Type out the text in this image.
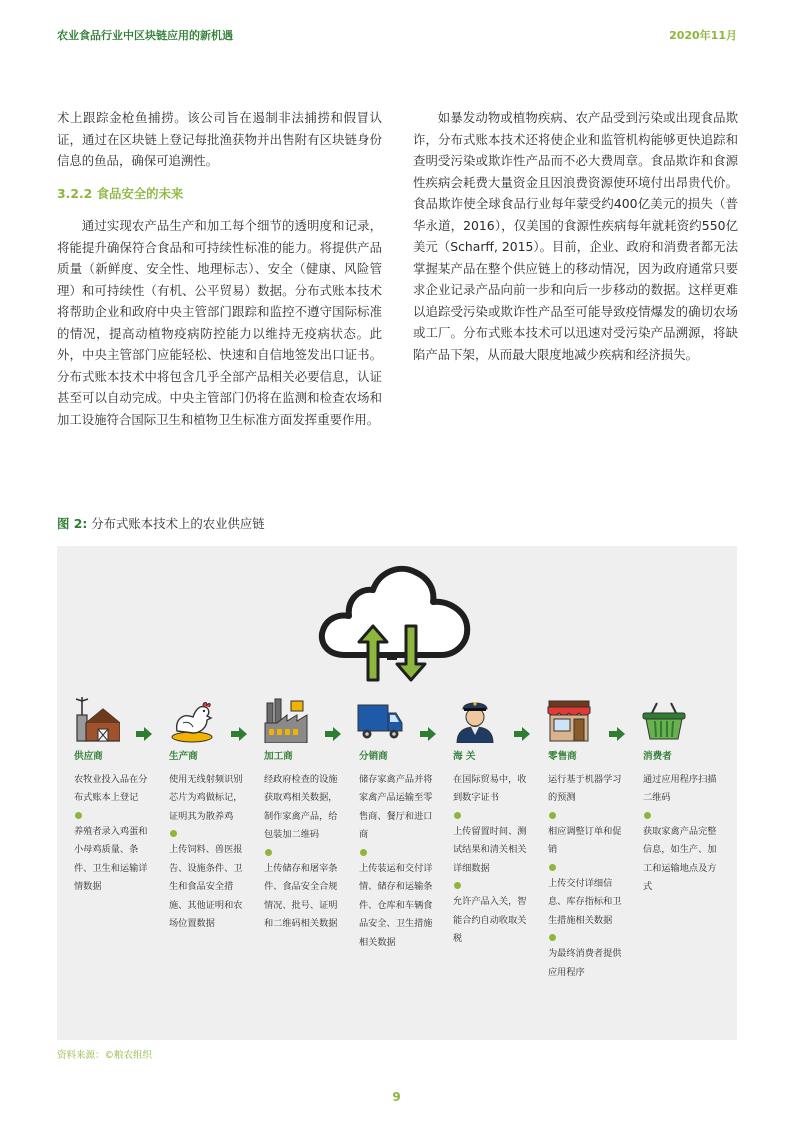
农业食品行业中区块链应用的新机遇	2020年11月

术上跟踪金枪鱼捕捞。该公司旨在遏制非法捕捞和假冒认证，通过在区块链上登记每批渔获物并出售附有区块链身份信息的鱼品，确保可追溯性。

3.2.2 食品安全的未来

通过实现农产品生产和加工每个细节的透明度和记录，将能提升确保符合食品和可持续性标准的能力。将提供产品质量（新鲜度、安全性、地理标志）、安全（健康、风险管理）和可持续性（有机、公平贸易）数据。分布式账本技术将帮助企业和政府中央主管部门跟踪和监控不遵守国际标准的情况，提高动植物疫病防控能力以维持无疫病状态。此外，中央主管部门应能轻松、快速和自信地签发出口证书。分布式账本技术中将包含几乎全部产品相关必要信息，认证甚至可以自动完成。中央主管部门仍将在监测和检查农场和加工设施符合国际卫生和植物卫生标准方面发挥重要作用。

如暴发动物或植物疾病、农产品受到污染或出现食品欺诈，分布式账本技术还将使企业和监管机构能够更快追踪和查明受污染或欺诈性产品而不必大费周章。食品欺诈和食源性疾病会耗费大量资金且因浪费资源使环境付出昂贵代价。食品欺诈使全球食品行业每年蒙受约400亿美元的损失（普华永道，2016），仅美国的食源性疾病每年就耗资约550亿美元（Scharff, 2015）。目前，企业、政府和消费者都无法掌握某产品在整个供应链上的移动情况，因为政府通常只要求企业记录产品向前一步和向后一步移动的数据。这样更难以追踪受污染或欺诈性产品至可能导致疫情爆发的确切农场或工厂。分布式账本技术可以迅速对受污染产品溯源，将缺陷产品下架，从而最大限度地减少疾病和经济损失。

图 2: 分布式账本技术上的农业供应链
供应商

农牧业投入品在分布式账本上登记

养殖者录入鸡蛋和小母鸡质量、条件、卫生和运输详情数据

生产商

使用无线射频识别芯片为鸡做标记，证明其为散养鸡

上传饲料、兽医报告、设施条件、卫生和食品安全措施、其他证明和农场位置数据

加工商

经政府检查的设施获取鸡相关数据，制作家禽产品，给包装加二维码

上传储存和屠宰条件、食品安全合规情况、批号、证明和二维码相关数据

分销商

储存家禽产品并将家禽产品运输至零售商、餐厅和进口商

上传装运和交付详情、储存和运输条件、仓库和车辆食品安全、卫生措施相关数据

海 关

在国际贸易中，收到数字证书

上传留置时间、测试结果和清关相关详细数据

允许产品入关，智能合约自动收取关税

零售商

运行基于机器学习的预测

相应调整订单和促销

上传交付详细信息、库存指标和卫生措施相关数据

为最终消费者提供应用程序

消费者

通过应用程序扫描二维码

获取家禽产品完整信息，如生产、加工和运输地点及方式

资料来源：©粮农组织
9
